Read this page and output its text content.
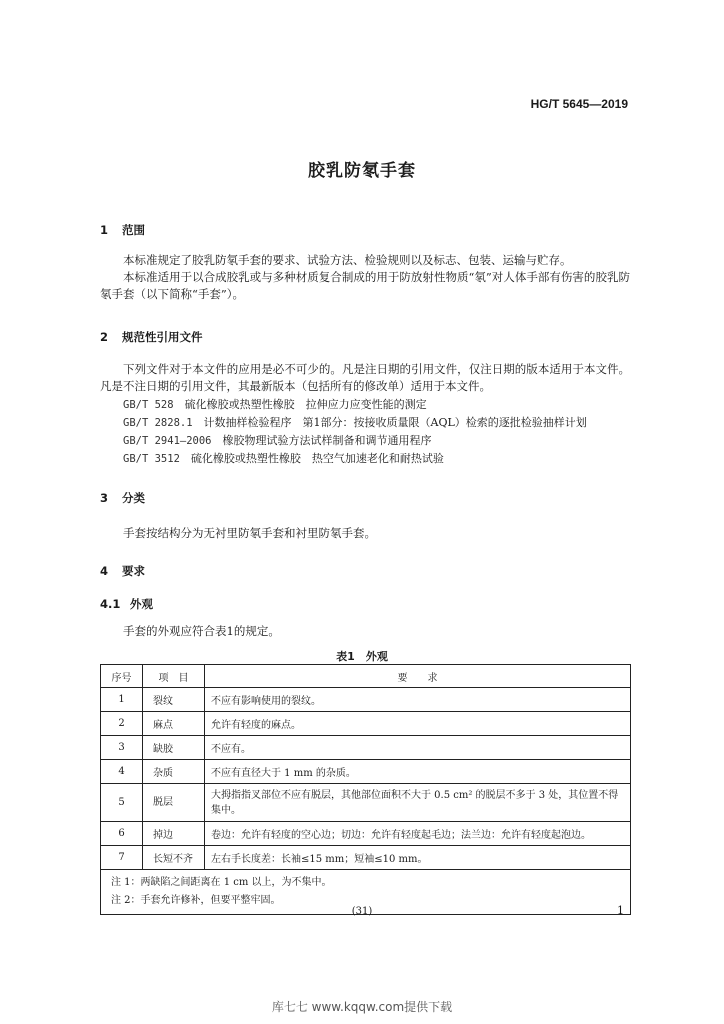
HG/T 5645—2019
胶乳防氡手套
1 范围

本标准规定了胶乳防氡手套的要求、试验方法、检验规则以及标志、包装、运输与贮存。

本标准适用于以合成胶乳或与多种材质复合制成的用于防放射性物质“氡”对人体手部有伤害的胶乳防氡手套（以下简称“手套”）。

2 规范性引用文件

下列文件对于本文件的应用是必不可少的。凡是注日期的引用文件，仅注日期的版本适用于本文件。凡是不注日期的引用文件，其最新版本（包括所有的修改单）适用于本文件。

GB/T 528　 硫化橡胶或热塑性橡胶　拉伸应力应变性能的测定
GB/T 2828.1　 计数抽样检验程序　第1部分：按接收质量限（AQL）检索的逐批检验抽样计划
GB/T 2941—2006　 橡胶物理试验方法试样制备和调节通用程序
GB/T 3512　 硫化橡胶或热塑性橡胶　热空气加速老化和耐热试验
3 分类

手套按结构分为无衬里防氡手套和衬里防氡手套。

4 要求
4.1 外观

手套的外观应符合表1的规定。

表1　外观
序号	项　目	要　　求
1	裂纹	不应有影响使用的裂纹。
2	麻点	允许有轻度的麻点。
3	缺胶	不应有。
4	杂质	不应有直径大于 1 mm 的杂质。
5	脱层	大拇指指叉部位不应有脱层，其他部位面积不大于 0.5 cm² 的脱层不多于 3 处，其位置不得集中。
6	掉边	卷边：允许有轻度的空心边；切边：允许有轻度起毛边；法兰边：允许有轻度起泡边。
7	长短不齐	左右手长度差：长袖≤15 mm；短袖≤10 mm。

注 1：两缺陷之间距离在 1 cm 以上，为不集中。
注 2：手套允许修补，但要平整牢固。		
(31)	1
库七七 www.kqqw.com提供下载
